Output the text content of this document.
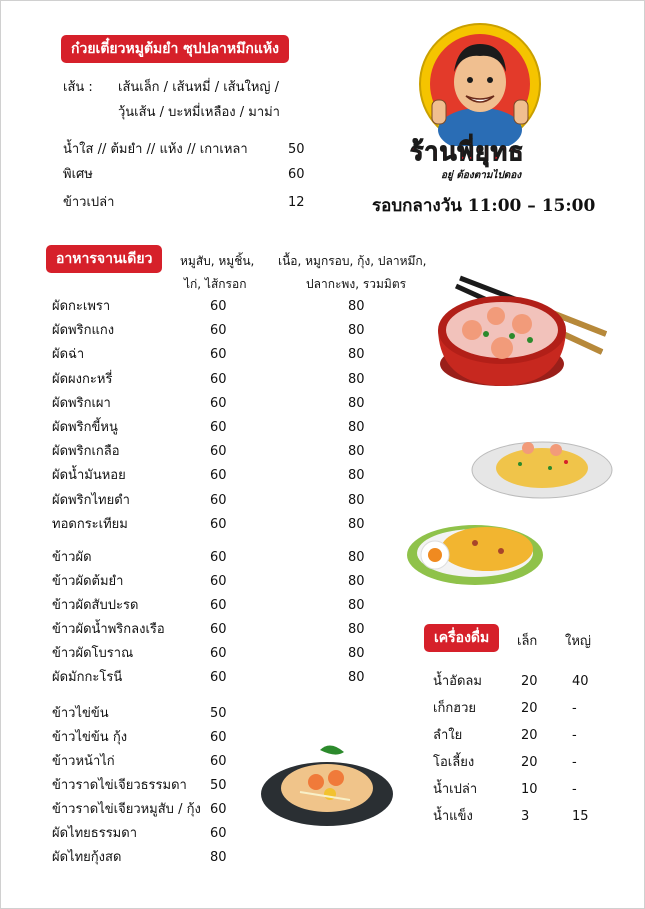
ก๋วยเตี๋ยวหมูต้มยำ ซุปปลาหมึกแห้ง
เส้น : เส้นเล็ก / เส้นหมี่ / เส้นใหญ่ /
วุ้นเส้น / บะหมี่เหลือง / มาม่า
น้ำใส // ต้มยำ // แห้ง // เกาเหลา	50
พิเศษ	60
ข้าวเปล่า	12
ร้านพี่ยุทธ
อยู่ ต้องตามไปดอง
รอบกลางวัน 11:00 – 15:00
อาหารจานเดียว	หมูสับ, หมูชิ้น,
ไก่, ไส้กรอก
เนื้อ, หมูกรอบ, กุ้ง, ปลาหมึก,
ปลากะพง, รวมมิตร
ผัดกะเพรา	60	80
ผัดพริกแกง	60	80
ผัดฉ่า	60	80
ผัดผงกะหรี่	60	80
ผัดพริกเผา	60	80
ผัดพริกขี้หนู	60	80
ผัดพริกเกลือ	60	80
ผัดน้ำมันหอย	60	80
ผัดพริกไทยดำ	60	80
ทอดกระเทียม	60	80
ข้าวผัด	60	80
ข้าวผัดต้มยำ	60	80
ข้าวผัดสับปะรด	60	80
ข้าวผัดน้ำพริกลงเรือ	60	80
ข้าวผัดโบราณ	60	80
ผัดมักกะโรนี	60	80
ข้าวไข่ข้น	50
ข้าวไข่ข้น กุ้ง	60
ข้าวหน้าไก่	60
ข้าวราดไข่เจียวธรรมดา 50
ข้าวราดไข่เจียวหมูสับ / กุ้ง 60
ผัดไทยธรรมดา	60
ผัดไทยกุ้งสด	80
เครื่องดื่ม	เล็ก ใหญ่
น้ำอัดลม	20	40
เก็กฮวย	20	-
ลำใย	20	-
โอเลี้ยง	20	-
น้ำเปล่า	10	-
น้ำแข็ง	3	15
